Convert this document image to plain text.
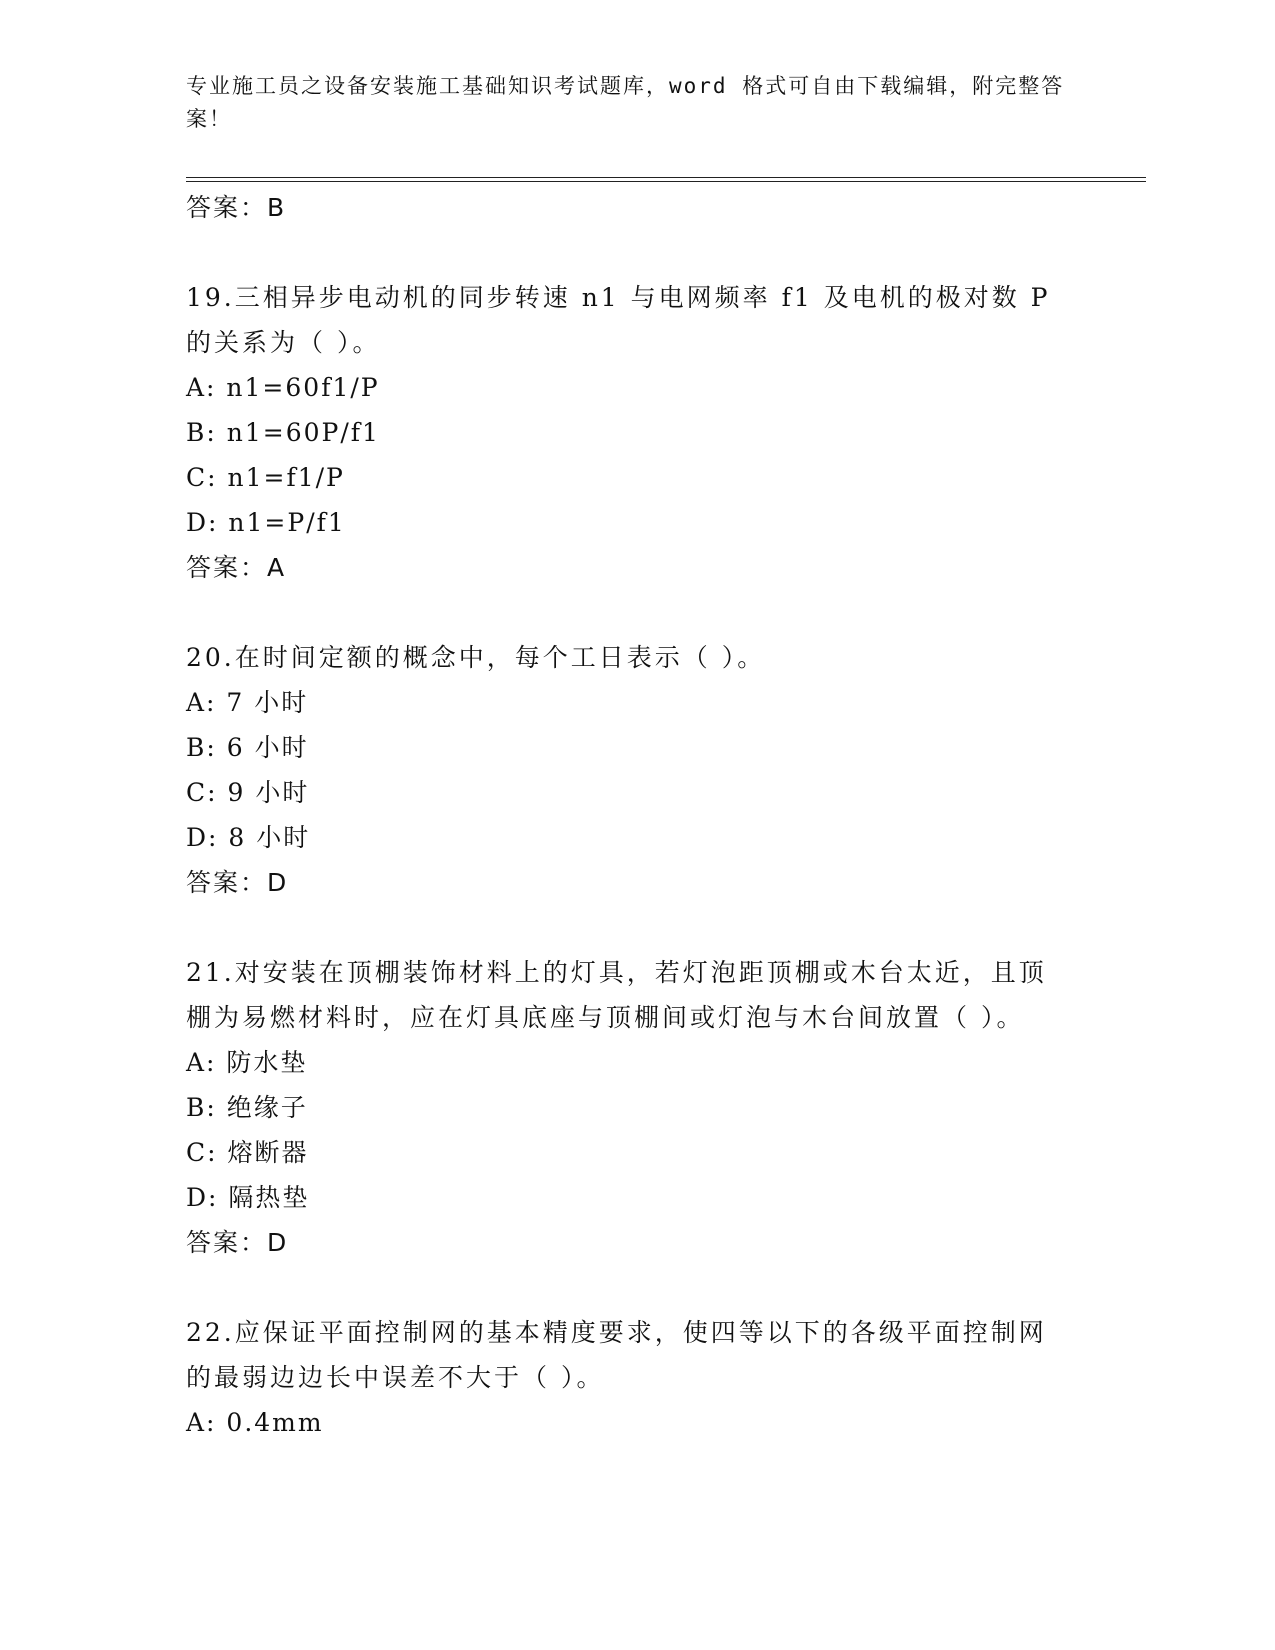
专业施工员之设备安装施工基础知识考试题库，word 格式可自由下载编辑，附完整答案！

答案：B

19.三相异步电动机的同步转速 n1 与电网频率 f1 及电机的极对数 P 的关系为（ ）。

A: n1=60f1/P

B: n1=60P/f1

C: n1=f1/P

D: n1=P/f1

答案：A

20.在时间定额的概念中，每个工日表示（ ）。

A: 7 小时

B: 6 小时

C: 9 小时

D: 8 小时

答案：D

21.对安装在顶棚装饰材料上的灯具，若灯泡距顶棚或木台太近，且顶棚为易燃材料时，应在灯具底座与顶棚间或灯泡与木台间放置（ ）。

A: 防水垫

B: 绝缘子

C: 熔断器

D: 隔热垫

答案：D

22.应保证平面控制网的基本精度要求，使四等以下的各级平面控制网的最弱边边长中误差不大于（ ）。

A: 0.4mm
